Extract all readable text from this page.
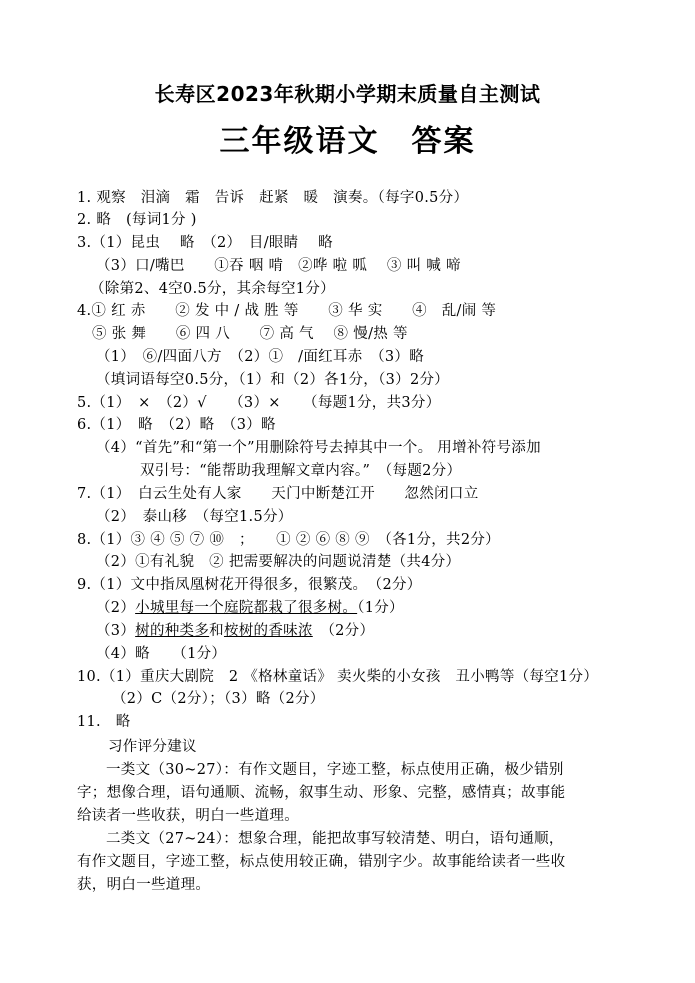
长寿区2023年秋期小学期末质量自主测试
三年级语文　答案
1. 观察　泪滴　霜　告诉　赶紧　暖　演奏。（每字0.5分）
2. 略　(每词1分 )
3.（1）昆虫　 略　（2）　目/眼睛　 略
（3）口/嘴巴　　①吞 咽 啃　②哗 啦 呱　 ③ 叫 喊 啼
（除第2、4空0.5分，其余每空1分）
4.① 红 赤　　② 发 中 / 战 胜 等　　③ 华 实　　④　乱/闹 等
⑤ 张 舞　　⑥ 四 八　　⑦ 高 气　 ⑧ 慢/热 等
（1）　⑥/四面八方　（2）①　/面红耳赤　（3）略
（填词语每空0.5分，（1）和（2）各1分，（3）2分）
5.（1）　×　（2）√　　（3）×　　（每题1分，共3分）
6.（1）　略　（2）略　（3）略
（4）“首先”和“第一个”用删除符号去掉其中一个。 用增补符号添加
双引号：“能帮助我理解文章内容。”　（每题2分）
7.（1）　白云生处有人家　　天门中断楚江开　　忽然闭口立
（2）　泰山移　（每空1.5分）
8.（1）③ ④ ⑤ ⑦ ⑩　；　　① ② ⑥ ⑧ ⑨　（各1分，共2分）
（2）①有礼貌　② 把需要解决的问题说清楚（共4分）
9.（1）文中指凤凰树花开得很多，很繁茂。　（2分）
（2）小城里每一个庭院都栽了很多树。（1分）
（3）树的种类多和桉树的香味浓　（2分）
（4）略　　（1分）
10.（1）重庆大剧院　2 《格林童话》 卖火柴的小女孩　丑小鸭等（每空1分）
（2）C（2分）；（3）略（2分）
11.　略
习作评分建议
一类文（30~27）：有作文题目，字迹工整，标点使用正确，极少错别
字；想像合理，语句通顺、流畅，叙事生动、形象、完整，感情真；故事能
给读者一些收获，明白一些道理。
二类文（27~24）：想象合理，能把故事写较清楚、明白，语句通顺，
有作文题目，字迹工整，标点使用较正确，错别字少。故事能给读者一些收
获，明白一些道理。
